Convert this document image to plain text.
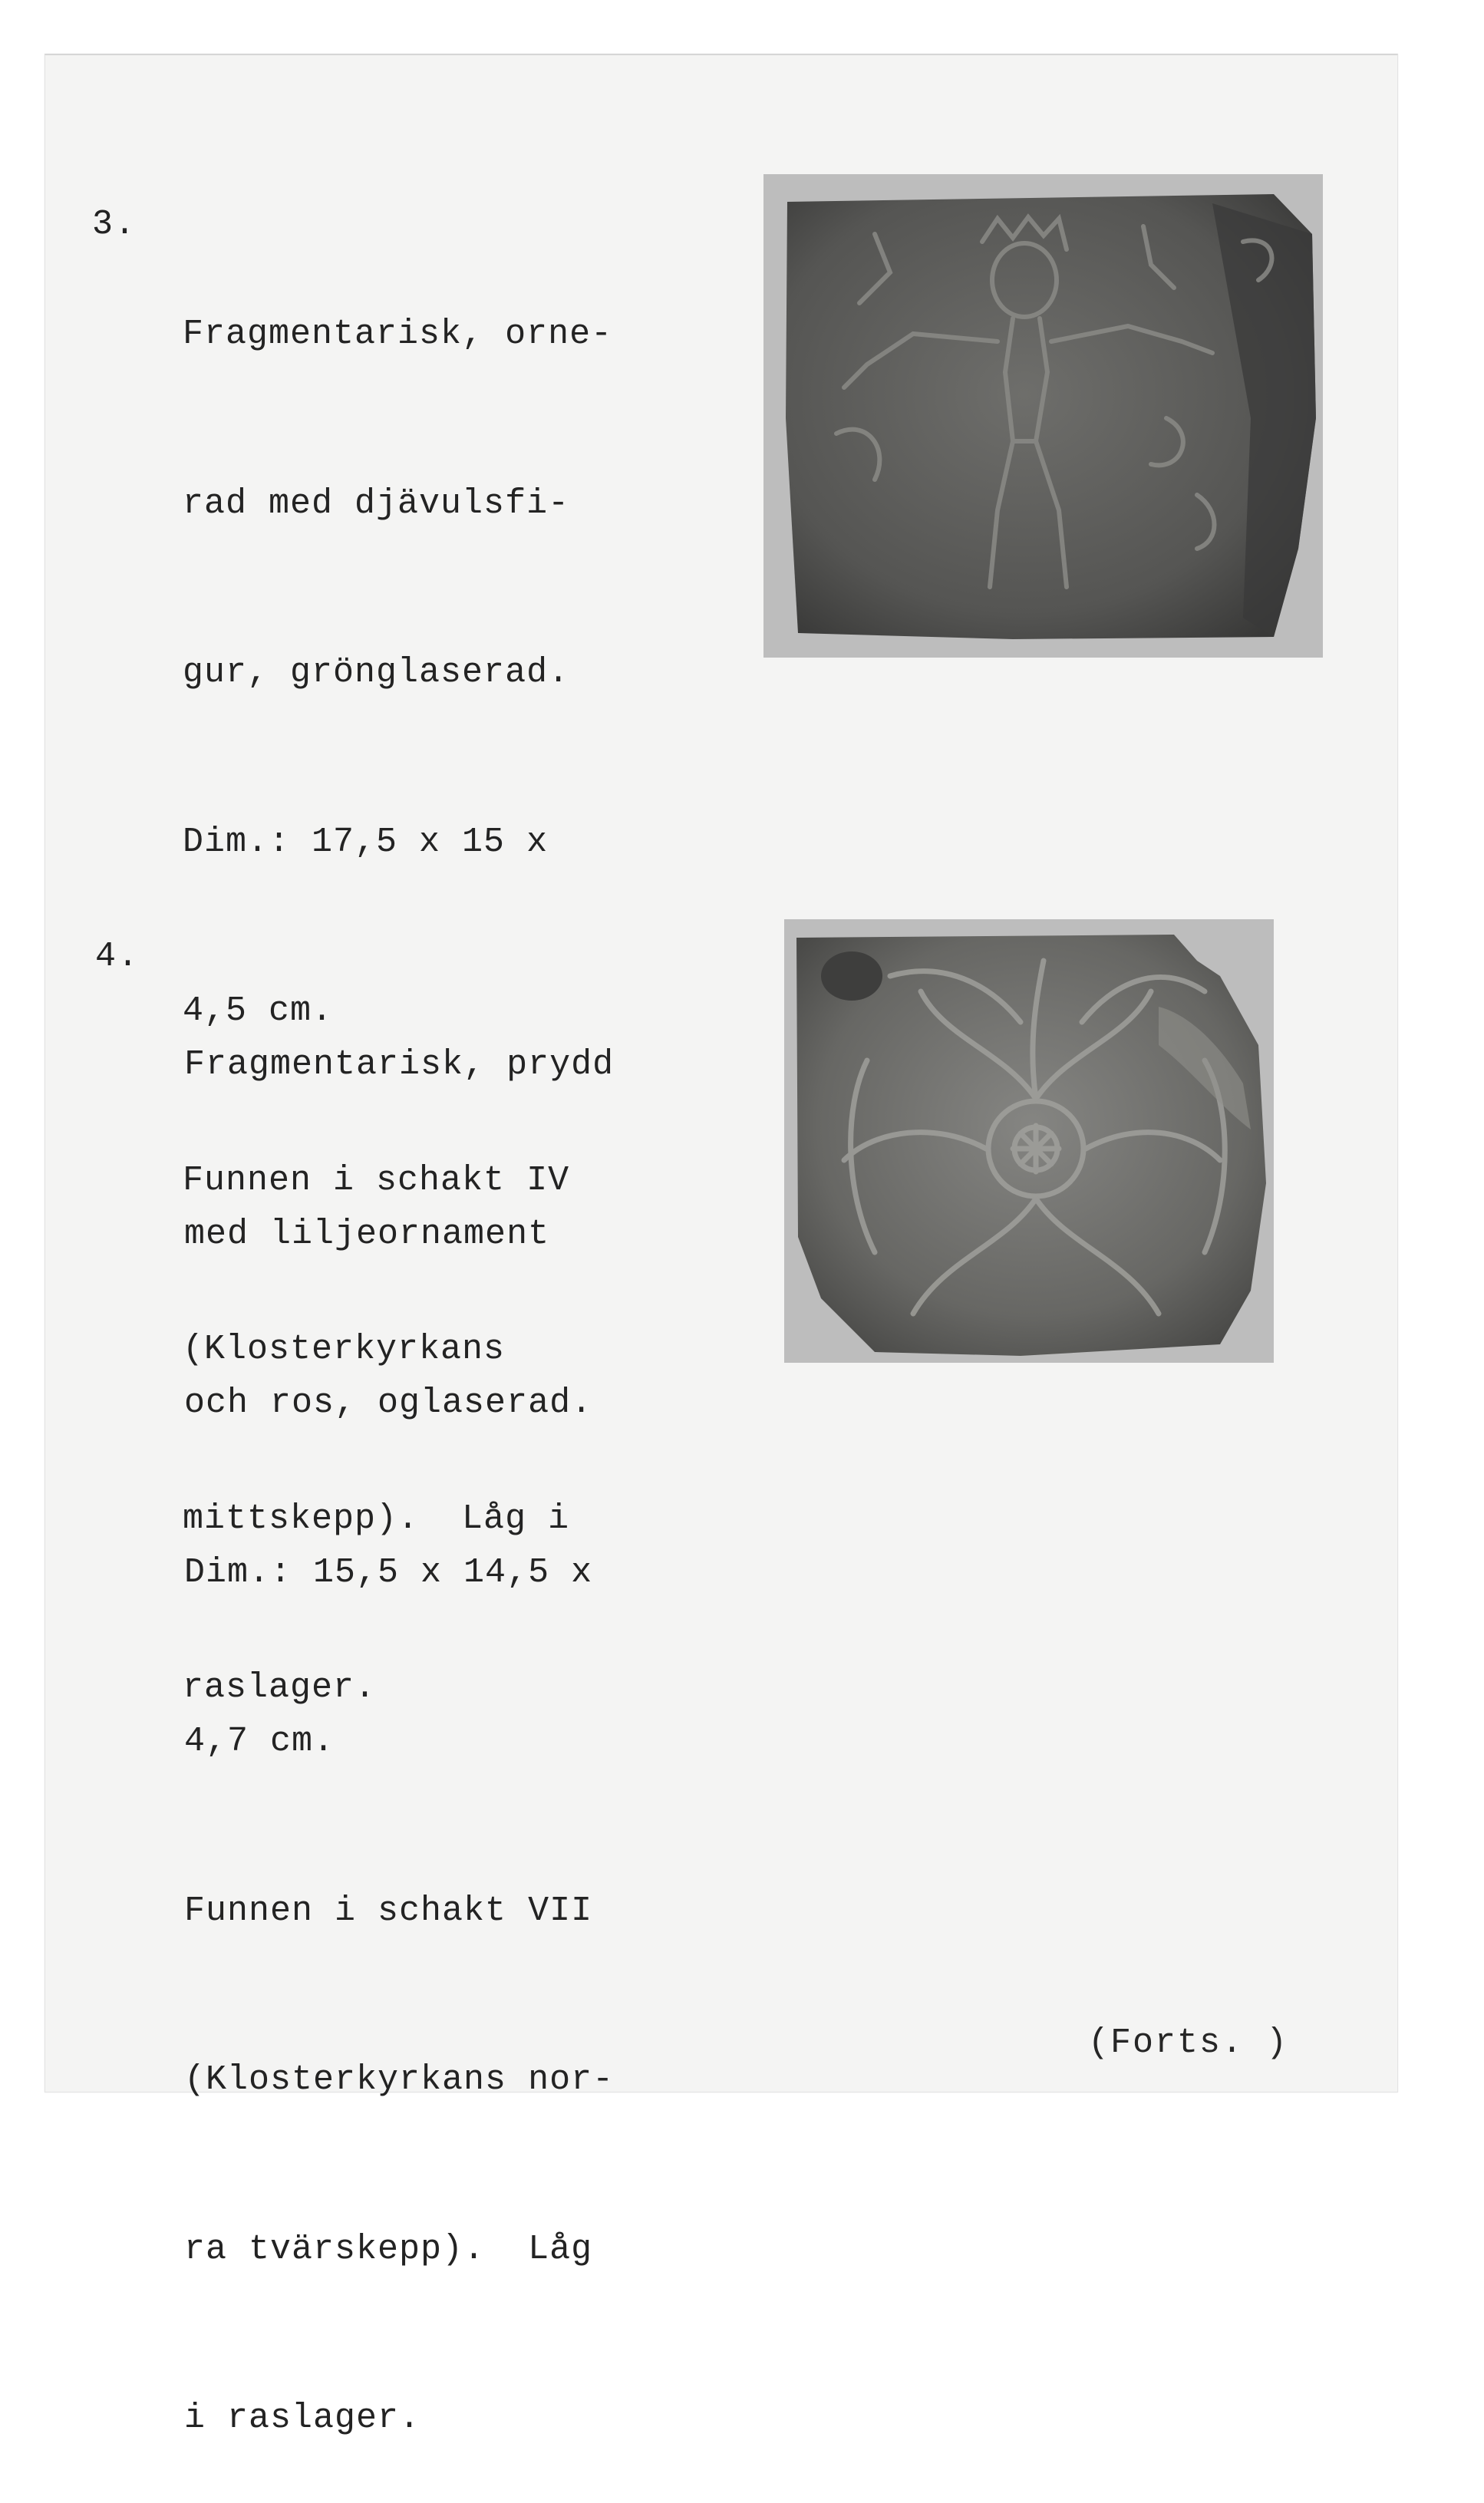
3.

Fragmentarisk, orne-

rad med djävulsfi-

gur, grönglaserad.

Dim.: 17,5 x 15 x

4,5 cm.

Funnen i schakt IV

(Klosterkyrkans

mittskepp).  Låg i

raslager.

4.

Fragmentarisk, prydd

med liljeornament

och ros, oglaserad.

Dim.: 15,5 x 14,5 x

4,7 cm.

Funnen i schakt VII

(Klosterkyrkans nor-

ra tvärskepp).  Låg

i raslager.

(Forts. )
